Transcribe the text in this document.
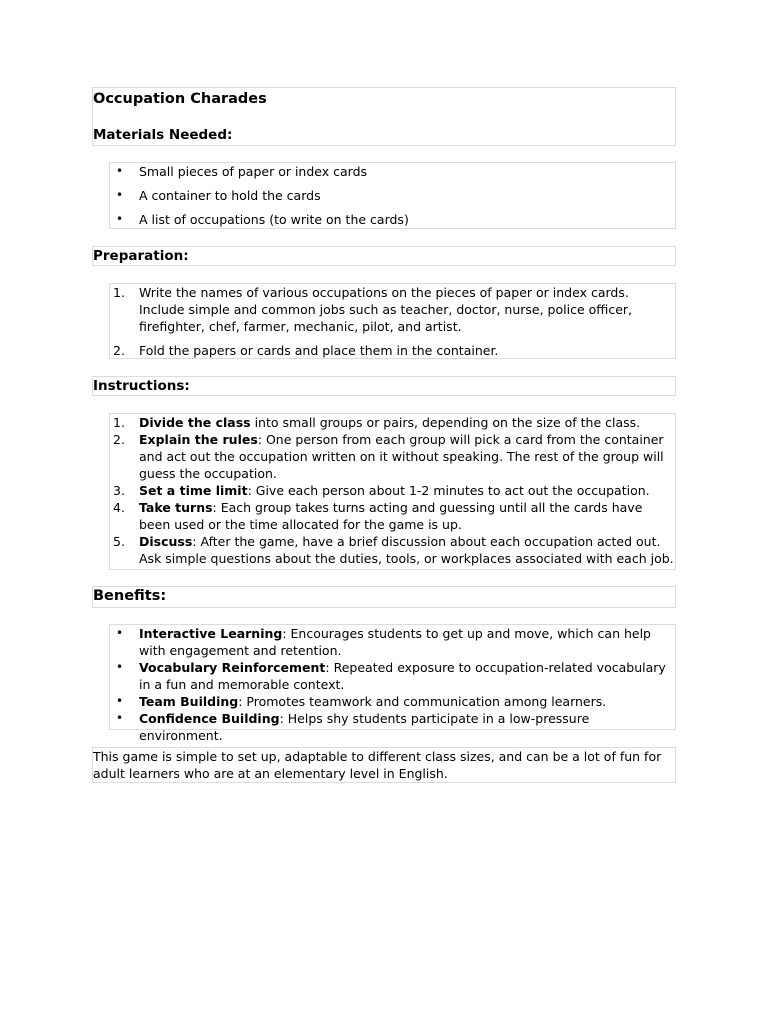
Occupation Charades
Materials Needed:
• Small pieces of paper or index cards
• A container to hold the cards
• A list of occupations (to write on the cards)
Preparation:
1. Write the names of various occupations on the pieces of paper or index cards. Include simple and common jobs such as teacher, doctor, nurse, police officer, firefighter, chef, farmer, mechanic, pilot, and artist.
2. Fold the papers or cards and place them in the container.
Instructions:
1. Divide the class into small groups or pairs, depending on the size of the class.
2. Explain the rules: One person from each group will pick a card from the container and act out the occupation written on it without speaking. The rest of the group will guess the occupation.
3. Set a time limit: Give each person about 1-2 minutes to act out the occupation.
4. Take turns: Each group takes turns acting and guessing until all the cards have been used or the time allocated for the game is up.
5. Discuss: After the game, have a brief discussion about each occupation acted out. Ask simple questions about the duties, tools, or workplaces associated with each job.
Benefits:
• Interactive Learning: Encourages students to get up and move, which can help with engagement and retention.
• Vocabulary Reinforcement: Repeated exposure to occupation-related vocabulary in a fun and memorable context.
• Team Building: Promotes teamwork and communication among learners.
• Confidence Building: Helps shy students participate in a low-pressure environment.
This game is simple to set up, adaptable to different class sizes, and can be a lot of fun for adult learners who are at an elementary level in English.
